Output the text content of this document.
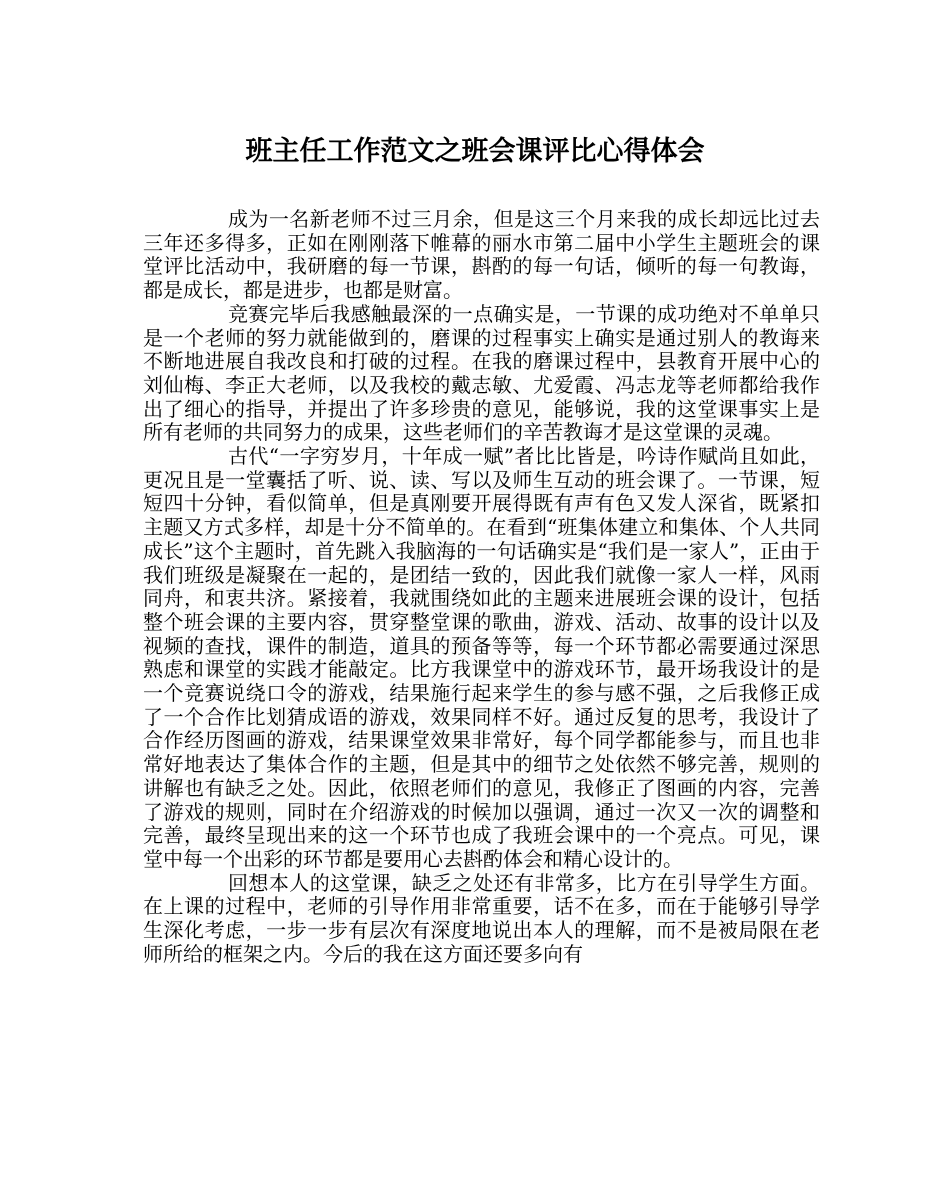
班主任工作范文之班会课评比心得体会

成为一名新老师不过三月余，但是这三个月来我的成长却远比过去三年还多得多，正如在刚刚落下帷幕的丽水市第二届中小学生主题班会的课堂评比活动中，我研磨的每一节课，斟酌的每一句话，倾听的每一句教诲，都是成长，都是进步，也都是财富。

竞赛完毕后我感触最深的一点确实是，一节课的成功绝对不单单只是一个老师的努力就能做到的，磨课的过程事实上确实是通过别人的教诲来不断地进展自我改良和打破的过程。在我的磨课过程中，县教育开展中心的刘仙梅、李正大老师，以及我校的戴志敏、尤爱霞、冯志龙等老师都给我作出了细心的指导，并提出了许多珍贵的意见，能够说，我的这堂课事实上是所有老师的共同努力的成果，这些老师们的辛苦教诲才是这堂课的灵魂。

古代“一字穷岁月，十年成一赋”者比比皆是，吟诗作赋尚且如此，更况且是一堂囊括了听、说、读、写以及师生互动的班会课了。一节课，短短四十分钟，看似简单，但是真刚要开展得既有声有色又发人深省，既紧扣主题又方式多样，却是十分不简单的。在看到“班集体建立和集体、个人共同成长”这个主题时，首先跳入我脑海的一句话确实是“我们是一家人”，正由于我们班级是凝聚在一起的，是团结一致的，因此我们就像一家人一样，风雨同舟，和衷共济。紧接着，我就围绕如此的主题来进展班会课的设计，包括整个班会课的主要内容，贯穿整堂课的歌曲，游戏、活动、故事的设计以及视频的查找，课件的制造，道具的预备等等，每一个环节都必需要通过深思熟虑和课堂的实践才能敲定。比方我课堂中的游戏环节，最开场我设计的是一个竞赛说绕口令的游戏，结果施行起来学生的参与感不强，之后我修正成了一个合作比划猜成语的游戏，效果同样不好。通过反复的思考，我设计了合作经历图画的游戏，结果课堂效果非常好，每个同学都能参与，而且也非常好地表达了集体合作的主题，但是其中的细节之处依然不够完善，规则的讲解也有缺乏之处。因此，依照老师们的意见，我修正了图画的内容，完善了游戏的规则，同时在介绍游戏的时候加以强调，通过一次又一次的调整和完善，最终呈现出来的这一个环节也成了我班会课中的一个亮点。可见，课堂中每一个出彩的环节都是要用心去斟酌体会和精心设计的。

回想本人的这堂课，缺乏之处还有非常多，比方在引导学生方面。在上课的过程中，老师的引导作用非常重要，话不在多，而在于能够引导学生深化考虑，一步一步有层次有深度地说出本人的理解，而不是被局限在老师所给的框架之内。今后的我在这方面还要多向有
